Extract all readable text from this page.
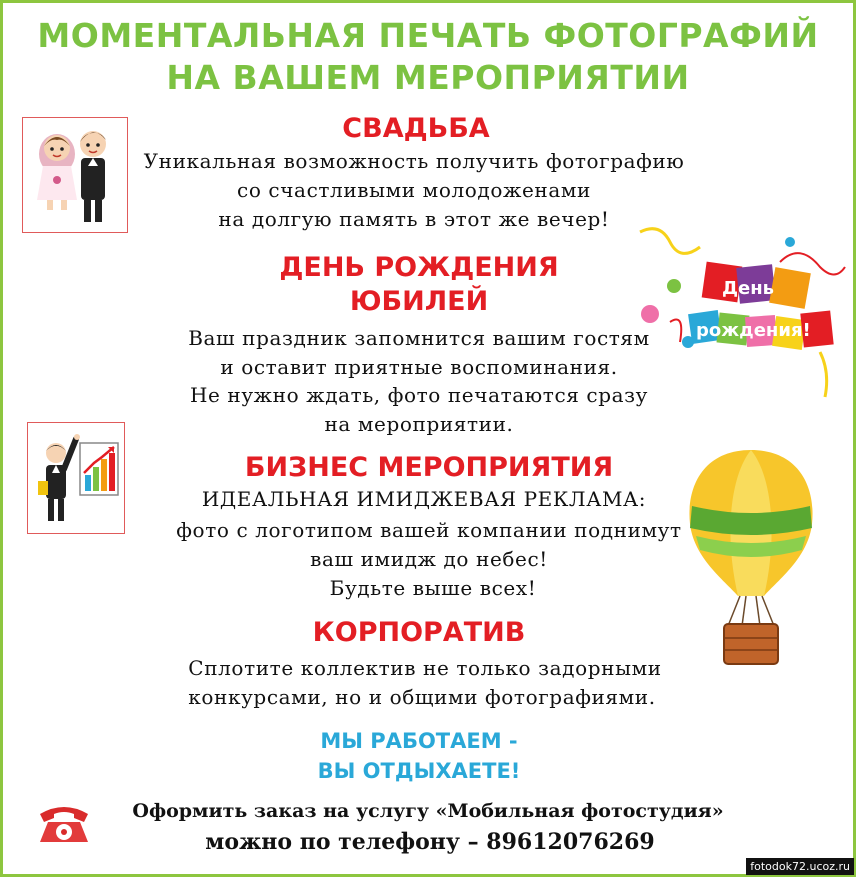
МОМЕНТАЛЬНАЯ ПЕЧАТЬ ФОТОГРАФИЙ
НА ВАШЕМ МЕРОПРИЯТИИ
СВАДЬБА
Уникальная возможность получить фотографию
со счастливыми молодоженами
на долгую память в этот же вечер!
ДЕНЬ РОЖДЕНИЯ
ЮБИЛЕЙ
Ваш праздник запомнится вашим гостям
и оставит приятные воспоминания.
Не нужно ждать, фото печатаются сразу
на мероприятии.
День
рождения!
БИЗНЕС МЕРОПРИЯТИЯ
ИДЕАЛЬНАЯ ИМИДЖЕВАЯ РЕКЛАМА:
фото с логотипом вашей компании поднимут
ваш имидж до небес!
Будьте выше всех!
КОРПОРАТИВ
Сплотите коллектив не только задорными
конкурсами, но и общими фотографиями.
МЫ РАБОТАЕМ -
ВЫ ОТДЫХАЕТЕ!
Оформить заказ на услугу «Мобильная фотостудия»
можно по телефону – 89612076269
fotodok72.ucoz.ru
